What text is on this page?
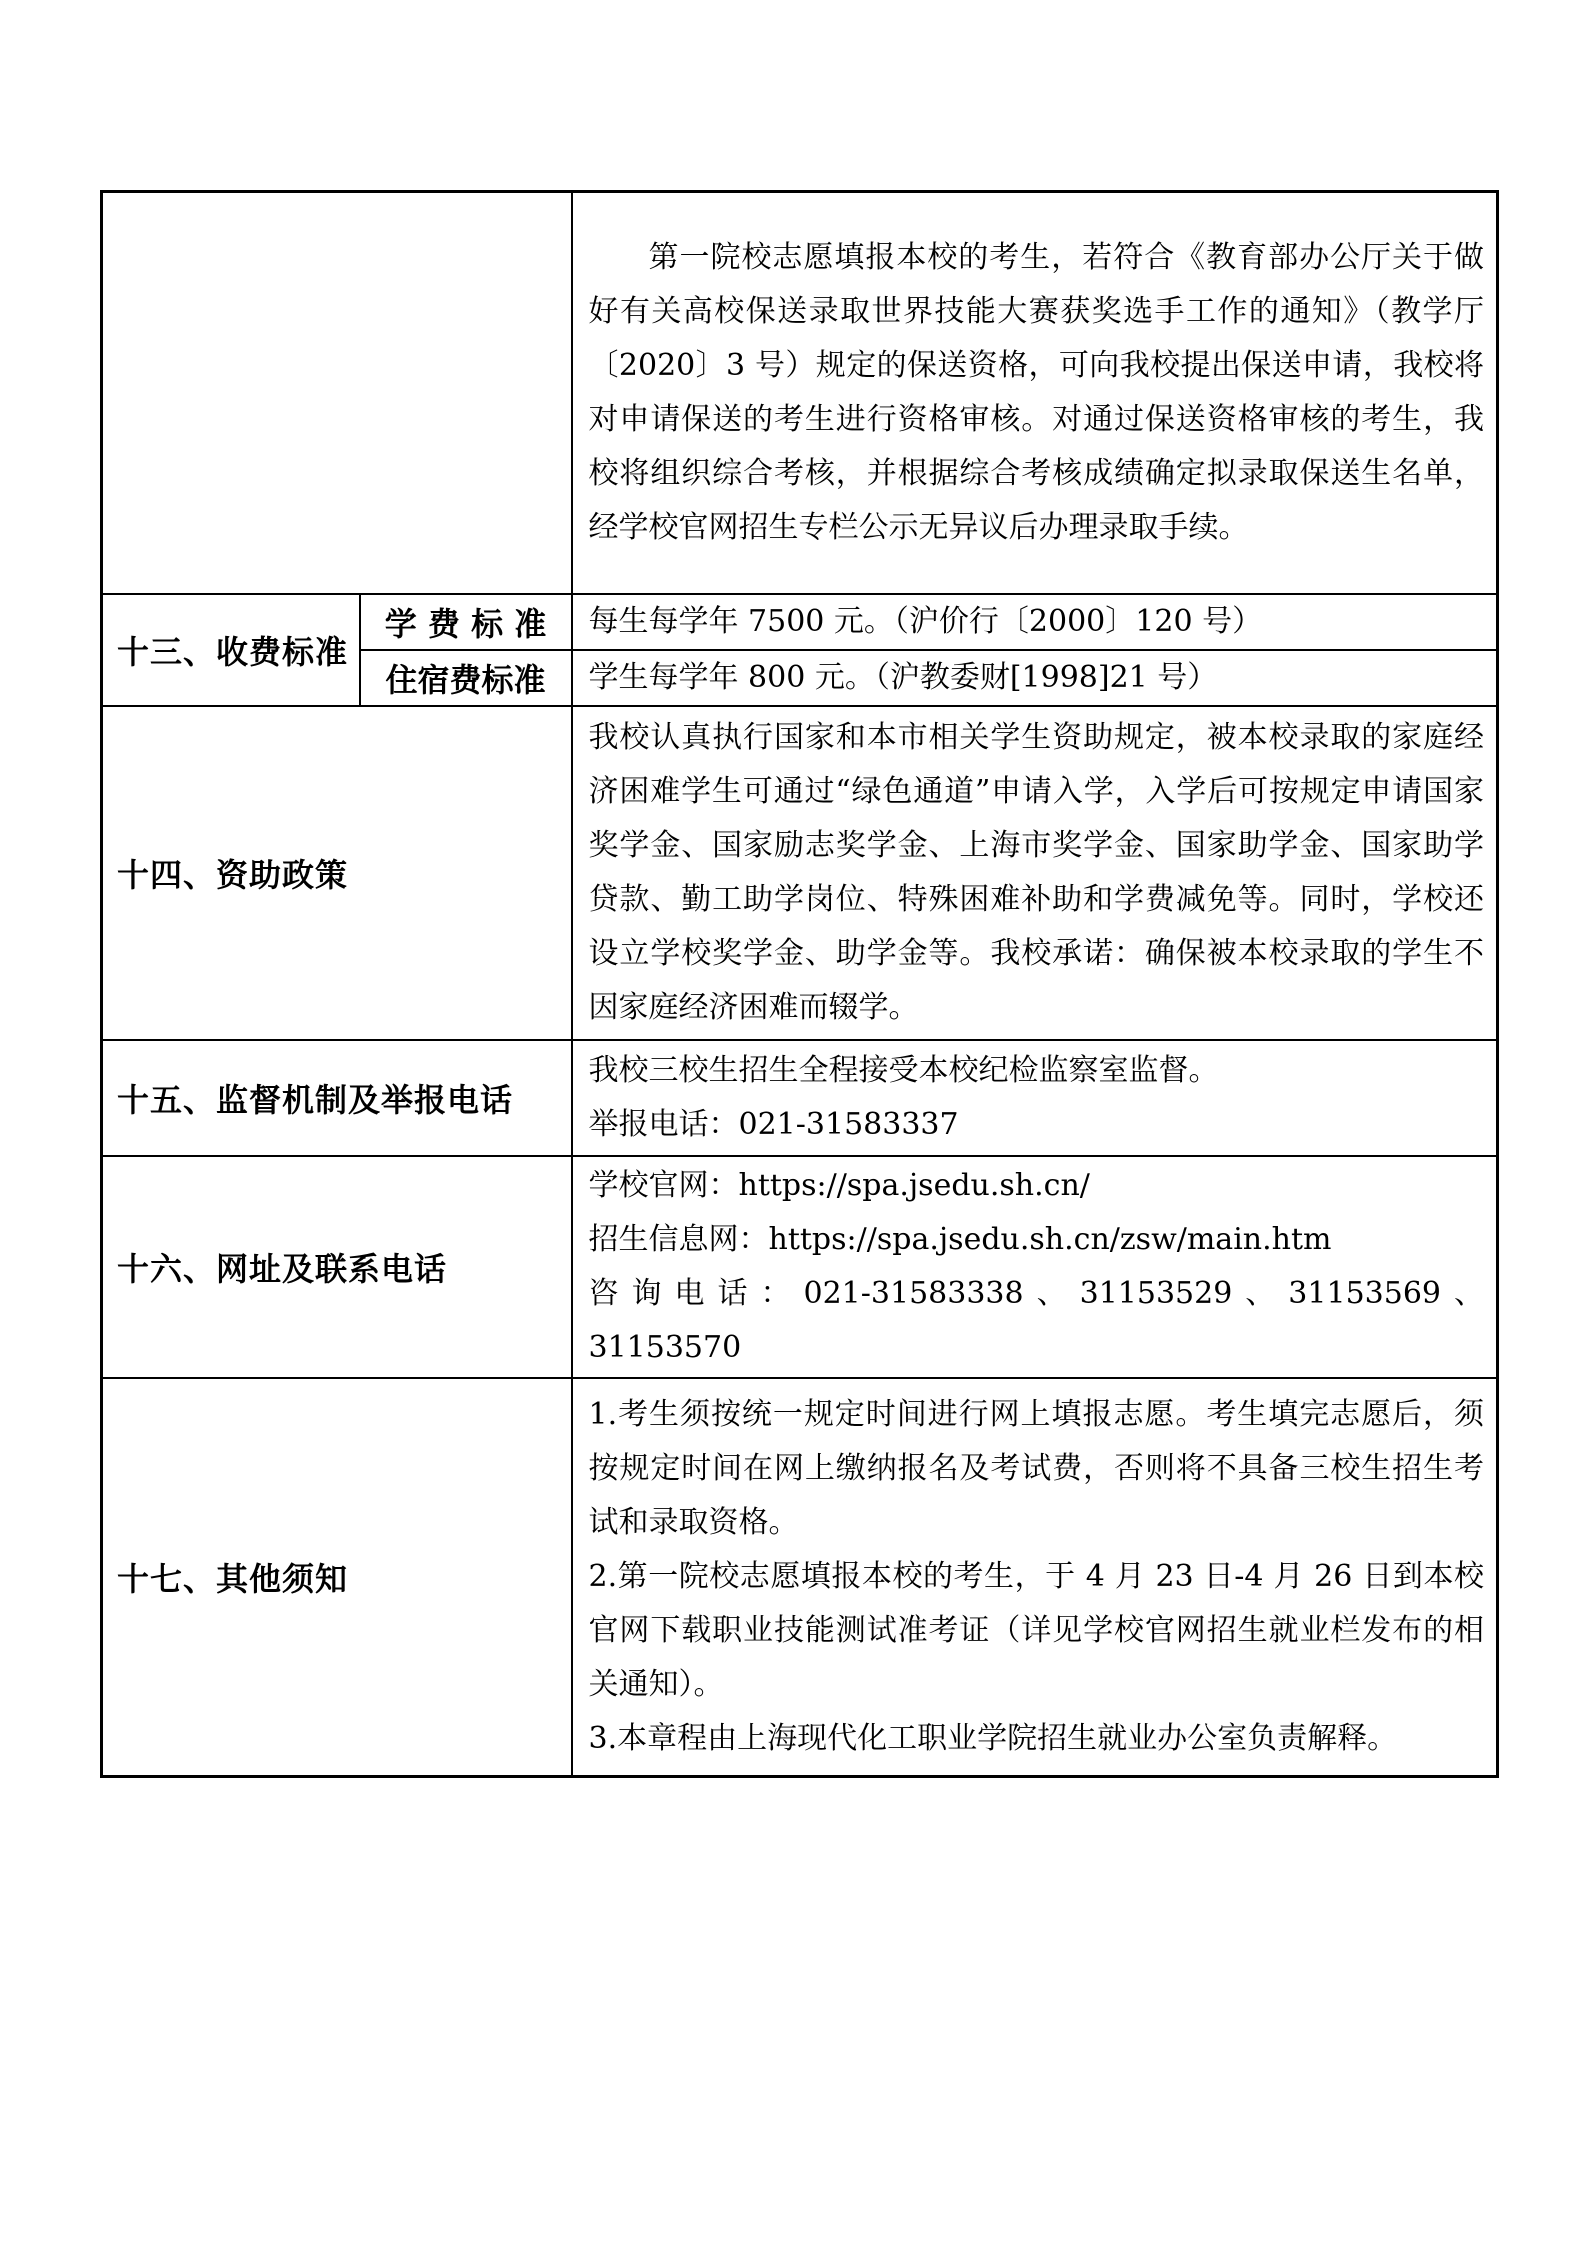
		第一院校志愿填报本校的考生，若符合《教育部办公厅关于做好有关高校保送录取世界技能大赛获奖选手工作的通知》（教学厅〔2020〕3 号）规定的保送资格，可向我校提出保送申请，我校将对申请保送的考生进行资格审核。对通过保送资格审核的考生，我校将组织综合考核，并根据综合考核成绩确定拟录取保送生名单，经学校官网招生专栏公示无异议后办理录取手续。

十三、收费标准	学 费 标 准	每生每学年 7500 元。（沪价行〔2000〕120 号）
	住宿费标准	学生每学年 800 元。（沪教委财[1998]21 号）
十四、资助政策		我校认真执行国家和本市相关学生资助规定，被本校录取的家庭经济困难学生可通过“绿色通道”申请入学，入学后可按规定申请国家奖学金、国家励志奖学金、上海市奖学金、国家助学金、国家助学贷款、勤工助学岗位、特殊困难补助和学费减免等。同时，学校还设立学校奖学金、助学金等。我校承诺：确保被本校录取的学生不因家庭经济困难而辍学。

十五、监督机制及举报电话		我校三校生招生全程接受本校纪检监察室监督。

举报电话：021-31583337

十六、网址及联系电话		学校官网：https://spa.jsedu.sh.cn/

招生信息网：https://spa.jsedu.sh.cn/zsw/main.htm

咨询电话：021-31583338、31153529、31153569、31153570

十七、其他须知		1.考生须按统一规定时间进行网上填报志愿。考生填完志愿后，须按规定时间在网上缴纳报名及考试费，否则将不具备三校生招生考试和录取资格。

2.第一院校志愿填报本校的考生，于 4 月 23 日-4 月 26 日到本校官网下载职业技能测试准考证（详见学校官网招生就业栏发布的相关通知）。

3.本章程由上海现代化工职业学院招生就业办公室负责解释。
